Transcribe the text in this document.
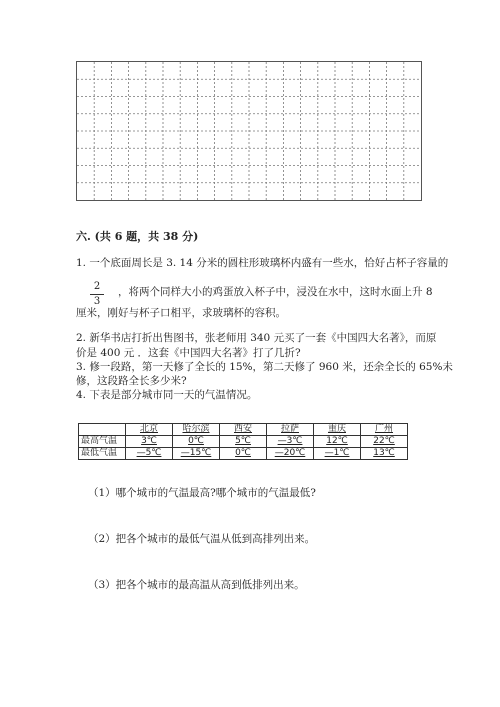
六. (共 6 题，共 38 分)
1. 一个底面周长是 3. 14 分米的圆柱形玻璃杯内盛有一些水，恰好占杯子容量的
2
3
，将两个同样大小的鸡蛋放入杯子中，浸没在水中，这时水面上升 8
厘米，刚好与杯子口相平，求玻璃杯的容积。
2. 新华书店打折出售图书，张老师用 340 元买了一套《中国四大名著》，而原
价是 400 元 ．这套《中国四大名著》打了几折?
3. 修一段路，第一天修了全长的 15%，第二天修了 960 米，还余全长的 65%未
修，这段路全长多少米?
4. 下表是部分城市同一天的气温情况。
	北京	哈尔滨	西安	拉萨	重庆	广州
最高气温	3℃	0℃	5℃	—3℃	12℃	22℃
最低气温	—5℃	—15℃	0℃	—20℃	—1℃	13℃
（1）哪个城市的气温最高?哪个城市的气温最低?
（2）把各个城市的最低气温从低到高排列出来。
（3）把各个城市的最高温从高到低排列出来。
